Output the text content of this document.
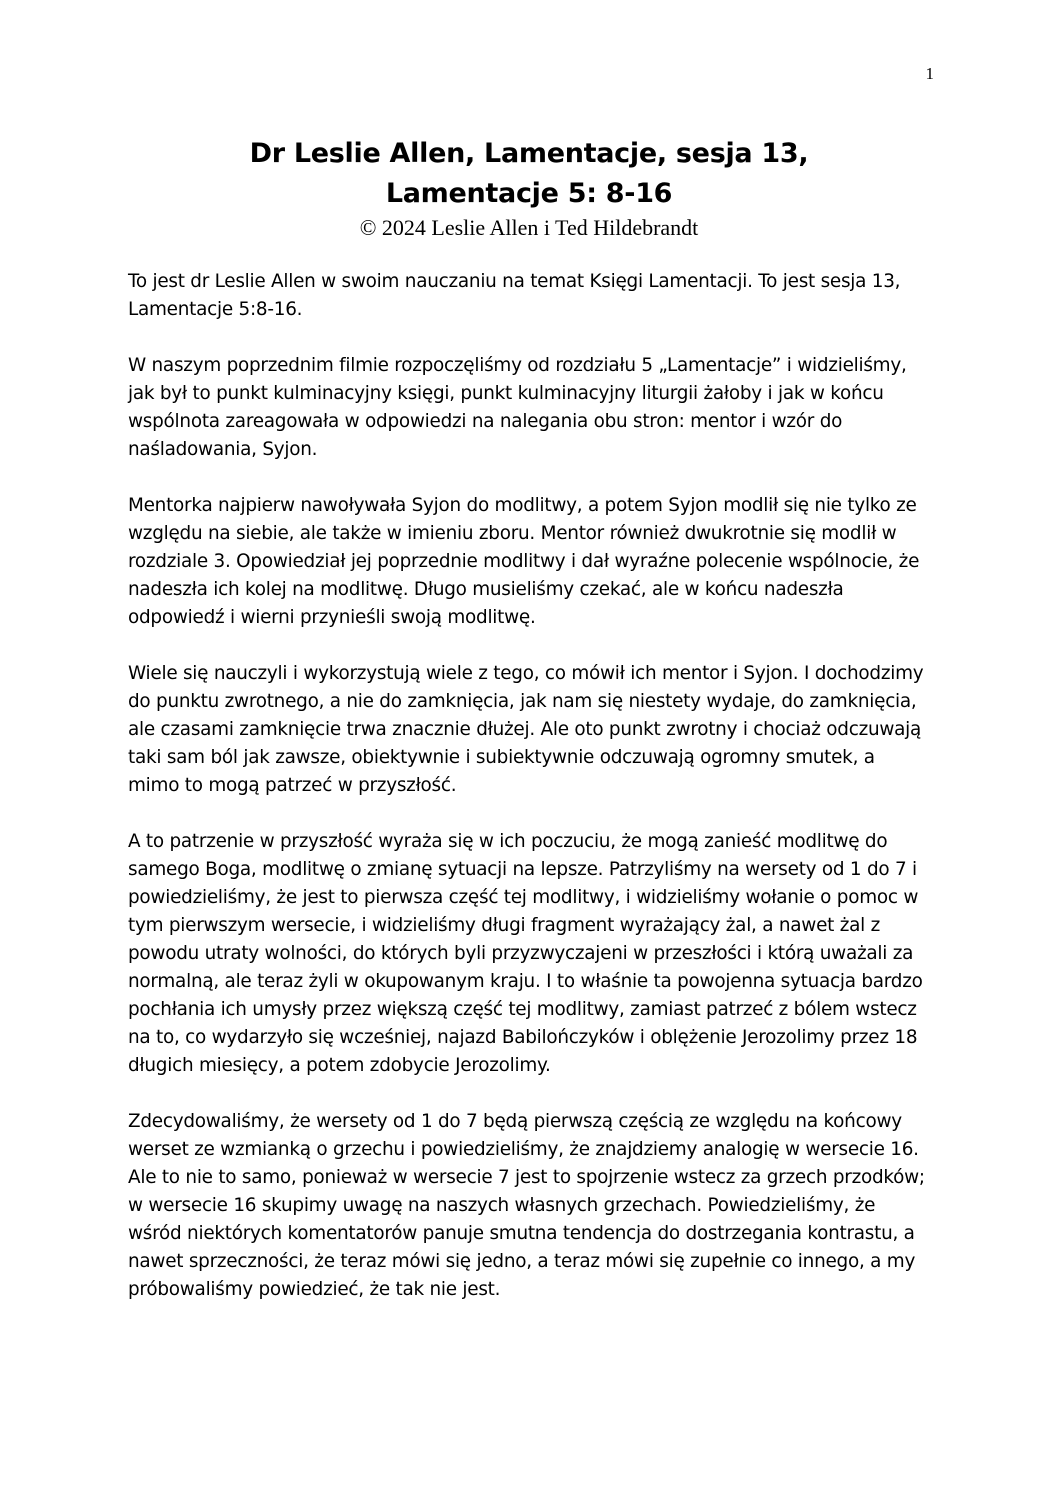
1
Dr Leslie Allen, Lamentacje, sesja 13,
Lamentacje 5: 8-16
© 2024 Leslie Allen i Ted Hildebrandt

To jest dr Leslie Allen w swoim nauczaniu na temat Księgi Lamentacji. To jest sesja 13, Lamentacje 5:8-16.

W naszym poprzednim filmie rozpoczęliśmy od rozdziału 5 „Lamentacje” i widzieliśmy, jak był to punkt kulminacyjny księgi, punkt kulminacyjny liturgii żałoby i jak w końcu wspólnota zareagowała w odpowiedzi na nalegania obu stron: mentor i wzór do naśladowania, Syjon.

Mentorka najpierw nawoływała Syjon do modlitwy, a potem Syjon modlił się nie tylko ze względu na siebie, ale także w imieniu zboru. Mentor również dwukrotnie się modlił w rozdziale 3. Opowiedział jej poprzednie modlitwy i dał wyraźne polecenie wspólnocie, że nadeszła ich kolej na modlitwę. Długo musieliśmy czekać, ale w końcu nadeszła odpowiedź i wierni przynieśli swoją modlitwę.

Wiele się nauczyli i wykorzystują wiele z tego, co mówił ich mentor i Syjon. I dochodzimy do punktu zwrotnego, a nie do zamknięcia, jak nam się niestety wydaje, do zamknięcia, ale czasami zamknięcie trwa znacznie dłużej. Ale oto punkt zwrotny i chociaż odczuwają taki sam ból jak zawsze, obiektywnie i subiektywnie odczuwają ogromny smutek, a mimo to mogą patrzeć w przyszłość.

A to patrzenie w przyszłość wyraża się w ich poczuciu, że mogą zanieść modlitwę do samego Boga, modlitwę o zmianę sytuacji na lepsze. Patrzyliśmy na wersety od 1 do 7 i powiedzieliśmy, że jest to pierwsza część tej modlitwy, i widzieliśmy wołanie o pomoc w tym pierwszym wersecie, i widzieliśmy długi fragment wyrażający żal, a nawet żal z powodu utraty wolności, do których byli przyzwyczajeni w przeszłości i którą uważali za normalną, ale teraz żyli w okupowanym kraju. I to właśnie ta powojenna sytuacja bardzo pochłania ich umysły przez większą część tej modlitwy, zamiast patrzeć z bólem wstecz na to, co wydarzyło się wcześniej, najazd Babilończyków i oblężenie Jerozolimy przez 18 długich miesięcy, a potem zdobycie Jerozolimy.

Zdecydowaliśmy, że wersety od 1 do 7 będą pierwszą częścią ze względu na końcowy werset ze wzmianką o grzechu i powiedzieliśmy, że znajdziemy analogię w wersecie 16. Ale to nie to samo, ponieważ w wersecie 7 jest to spojrzenie wstecz za grzech przodków; w wersecie 16 skupimy uwagę na naszych własnych grzechach. Powiedzieliśmy, że wśród niektórych komentatorów panuje smutna tendencja do dostrzegania kontrastu, a nawet sprzeczności, że teraz mówi się jedno, a teraz mówi się zupełnie co innego, a my próbowaliśmy powiedzieć, że tak nie jest.
